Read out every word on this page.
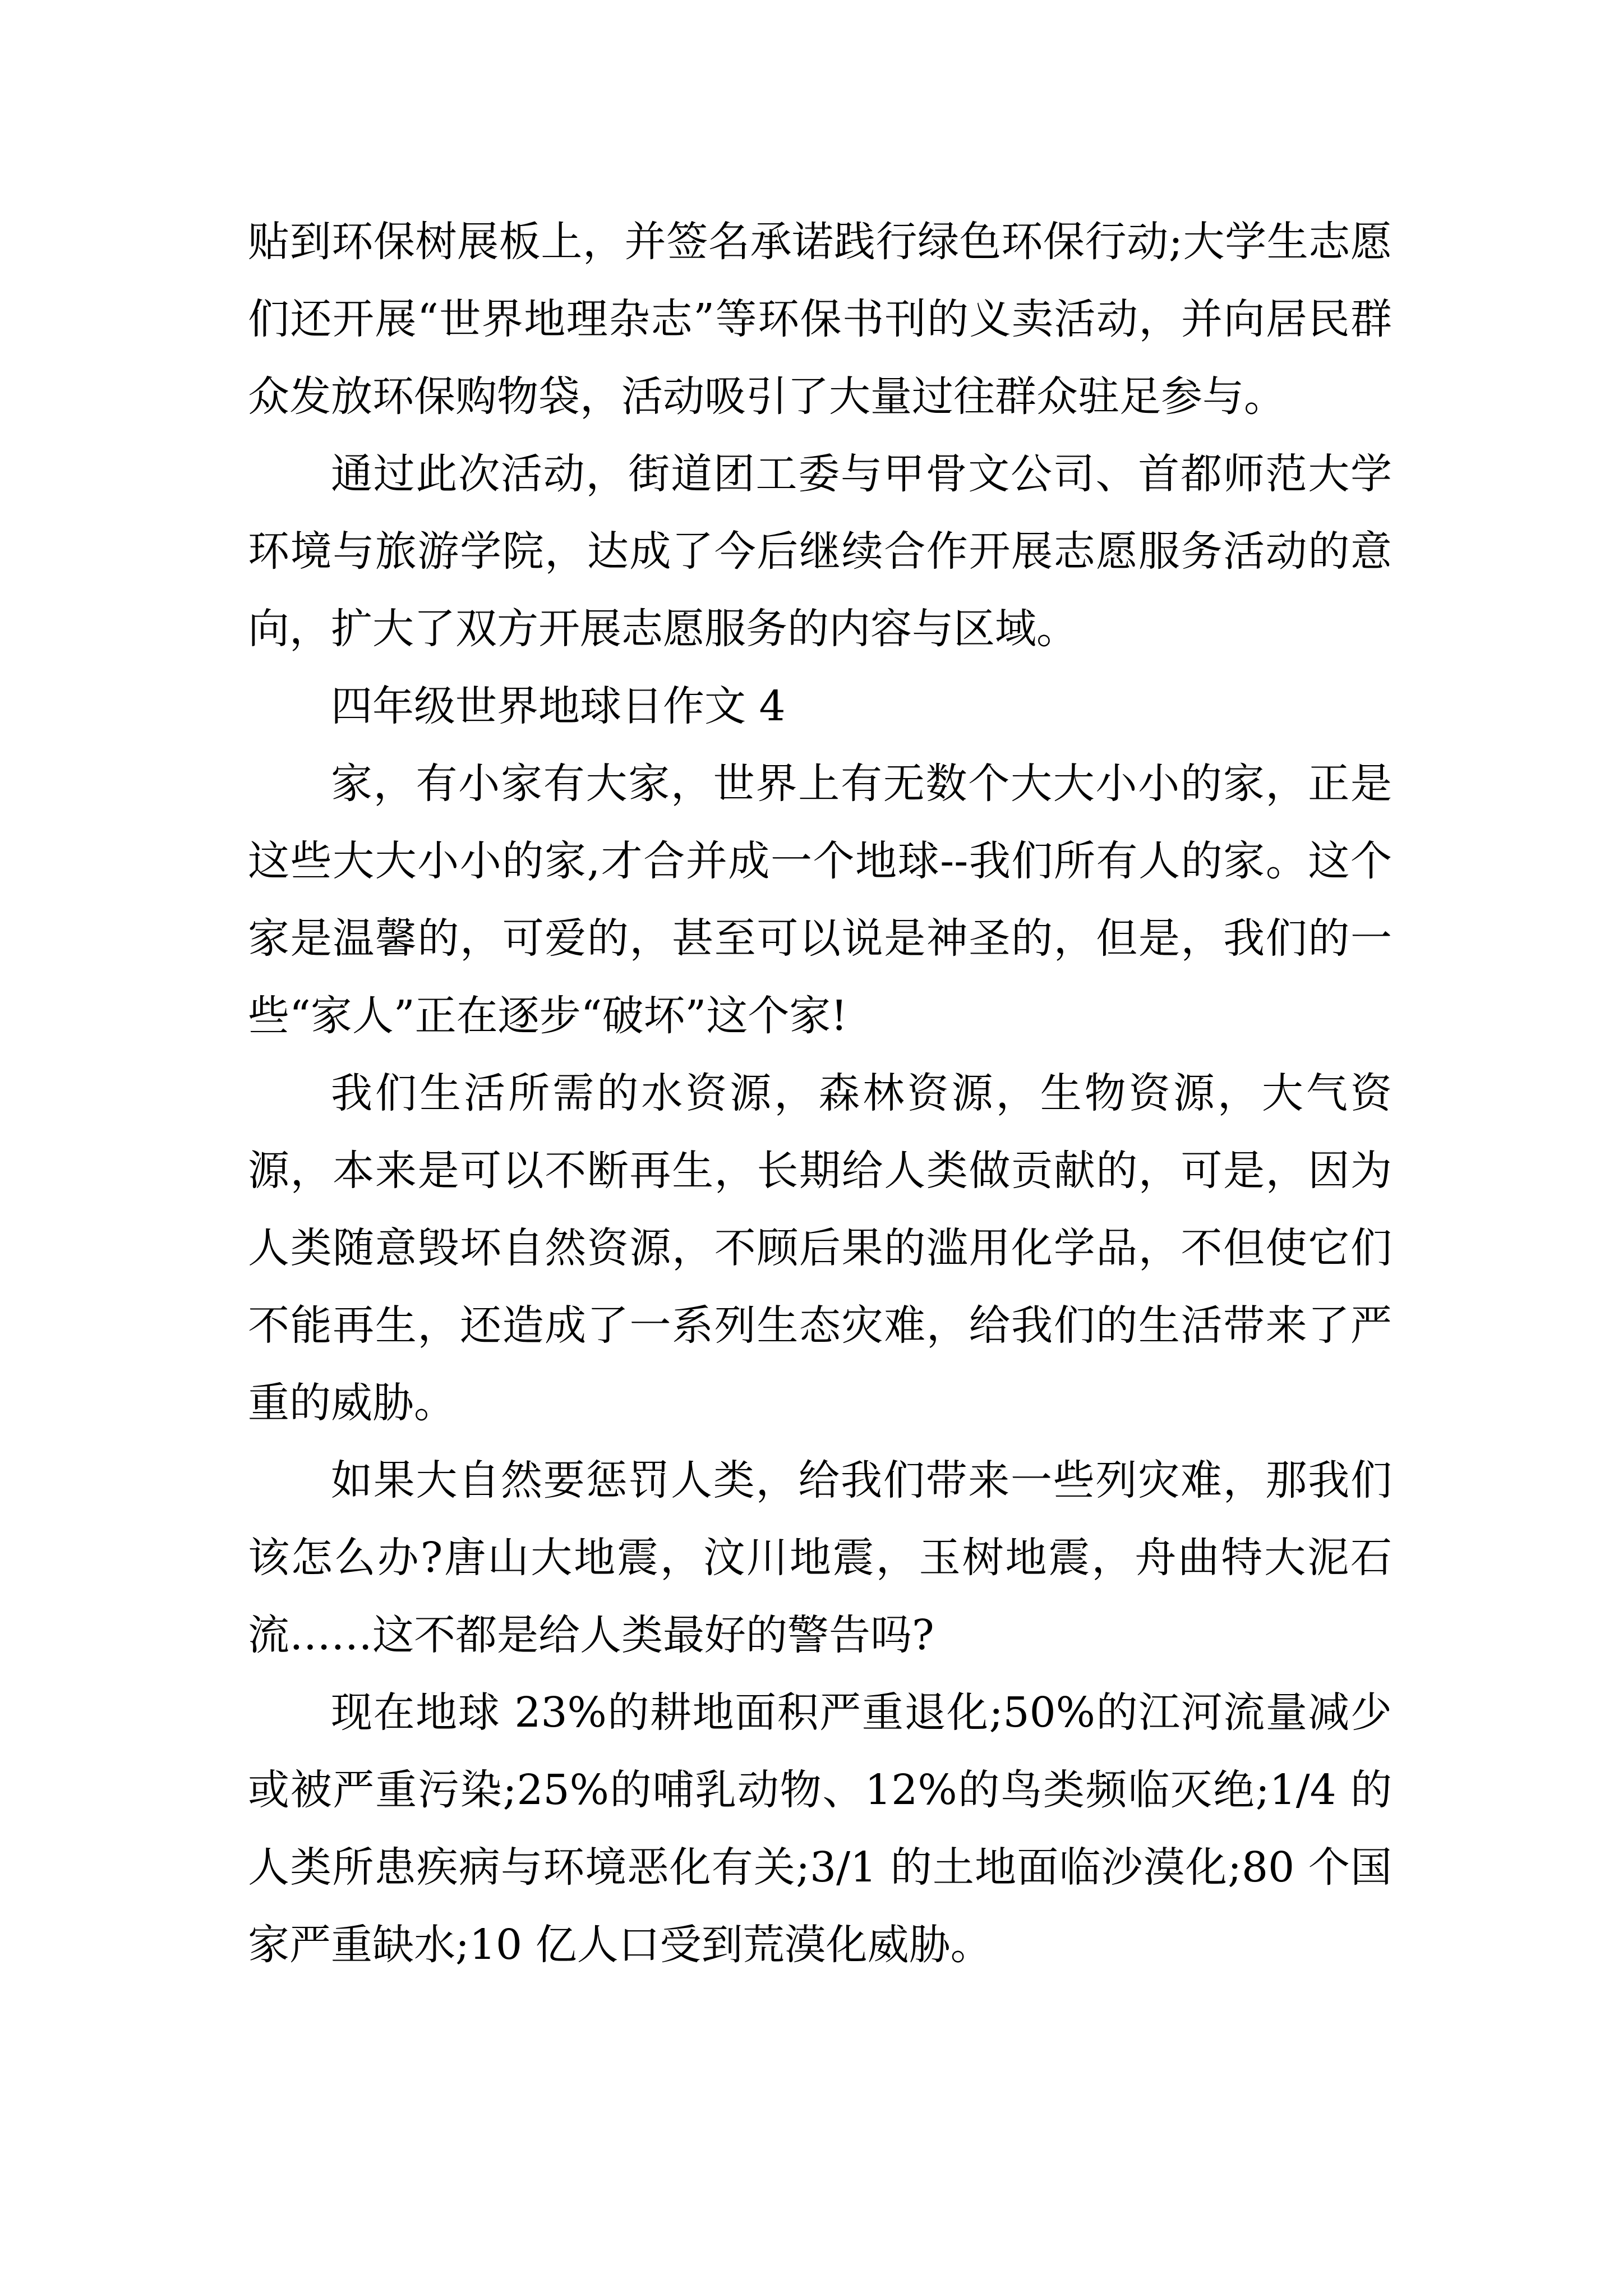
贴到环保树展板上，并签名承诺践行绿色环保行动;大学生志愿们还开展“世界地理杂志”等环保书刊的义卖活动，并向居民群众发放环保购物袋，活动吸引了大量过往群众驻足参与。

通过此次活动，街道团工委与甲骨文公司、首都师范大学环境与旅游学院，达成了今后继续合作开展志愿服务活动的意向，扩大了双方开展志愿服务的内容与区域。

四年级世界地球日作文 4

家，有小家有大家，世界上有无数个大大小小的家，正是这些大大小小的家,才合并成一个地球--我们所有人的家。这个家是温馨的，可爱的，甚至可以说是神圣的，但是，我们的一些“家人”正在逐步“破坏”这个家!

我们生活所需的水资源，森林资源，生物资源，大气资源，本来是可以不断再生，长期给人类做贡献的，可是，因为人类随意毁坏自然资源，不顾后果的滥用化学品，不但使它们不能再生，还造成了一系列生态灾难，给我们的生活带来了严重的威胁。

如果大自然要惩罚人类，给我们带来一些列灾难，那我们该怎么办?唐山大地震，汶川地震，玉树地震，舟曲特大泥石流……这不都是给人类最好的警告吗?

现在地球 23%的耕地面积严重退化;50%的江河流量减少或被严重污染;25%的哺乳动物、12%的鸟类频临灭绝;1/4 的人类所患疾病与环境恶化有关;3/1 的土地面临沙漠化;80 个国家严重缺水;10 亿人口受到荒漠化威胁。
